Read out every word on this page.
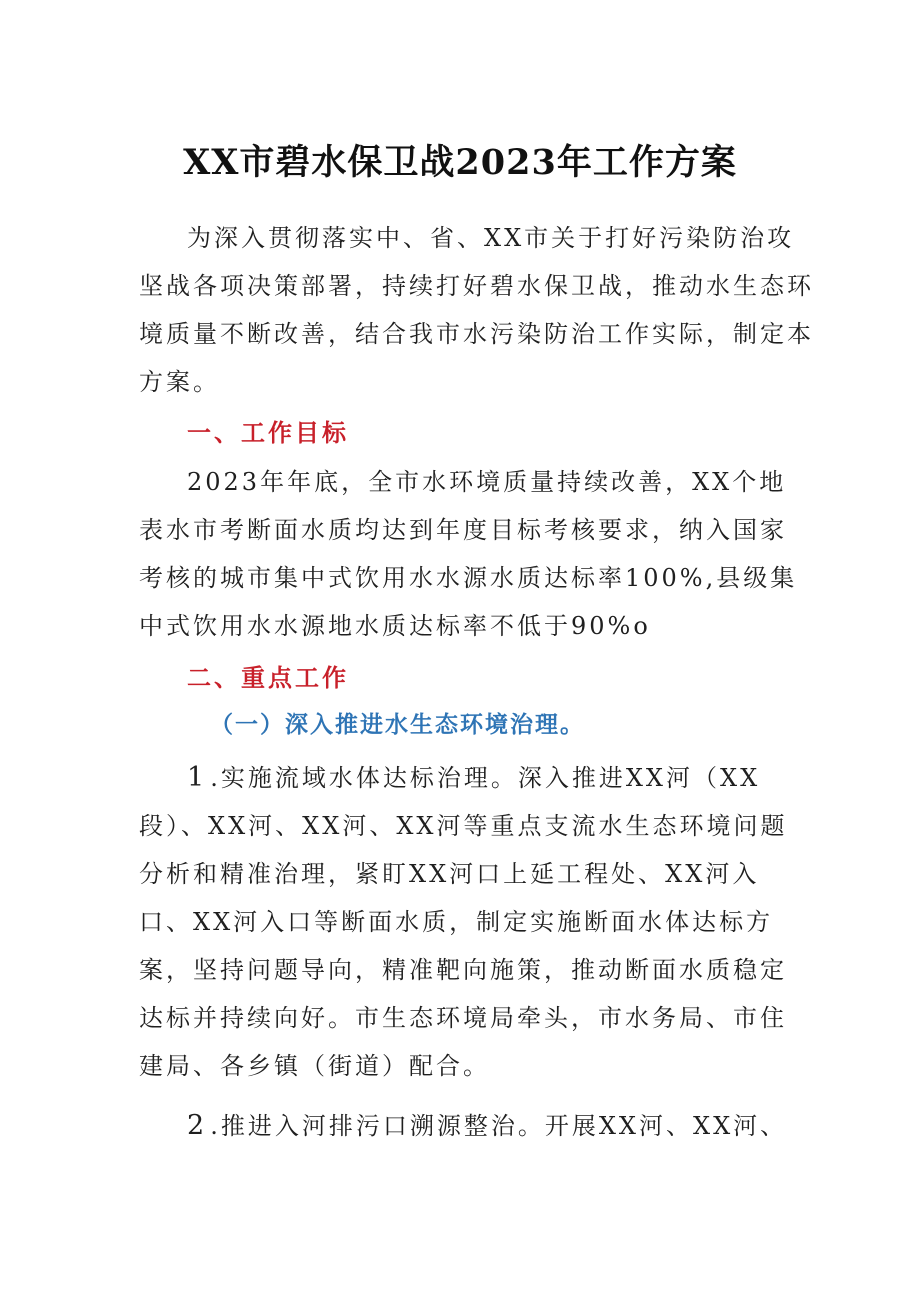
XX市碧水保卫战2023年工作方案

为深入贯彻落实中、省、XX市关于打好污染防治攻
坚战各项决策部署，持续打好碧水保卫战，推动水生态环
境质量不断改善，结合我市水污染防治工作实际，制定本
方案。

一、工作目标

2023年年底，全市水环境质量持续改善，XX个地
表水市考断面水质均达到年度目标考核要求，纳入国家
考核的城市集中式饮用水水源水质达标率100%,县级集
中式饮用水水源地水质达标率不低于90%o

二、重点工作
（一）深入推进水生态环境治理。

1.实施流域水体达标治理。深入推进XX河（XX
段）、XX河、XX河、XX河等重点支流水生态环境问题
分析和精准治理，紧盯XX河口上延工程处、XX河入
口、XX河入口等断面水质，制定实施断面水体达标方
案，坚持问题导向，精准靶向施策，推动断面水质稳定
达标并持续向好。市生态环境局牵头，市水务局、市住
建局、各乡镇（街道）配合。

2.推进入河排污口溯源整治。开展XX河、XX河、
